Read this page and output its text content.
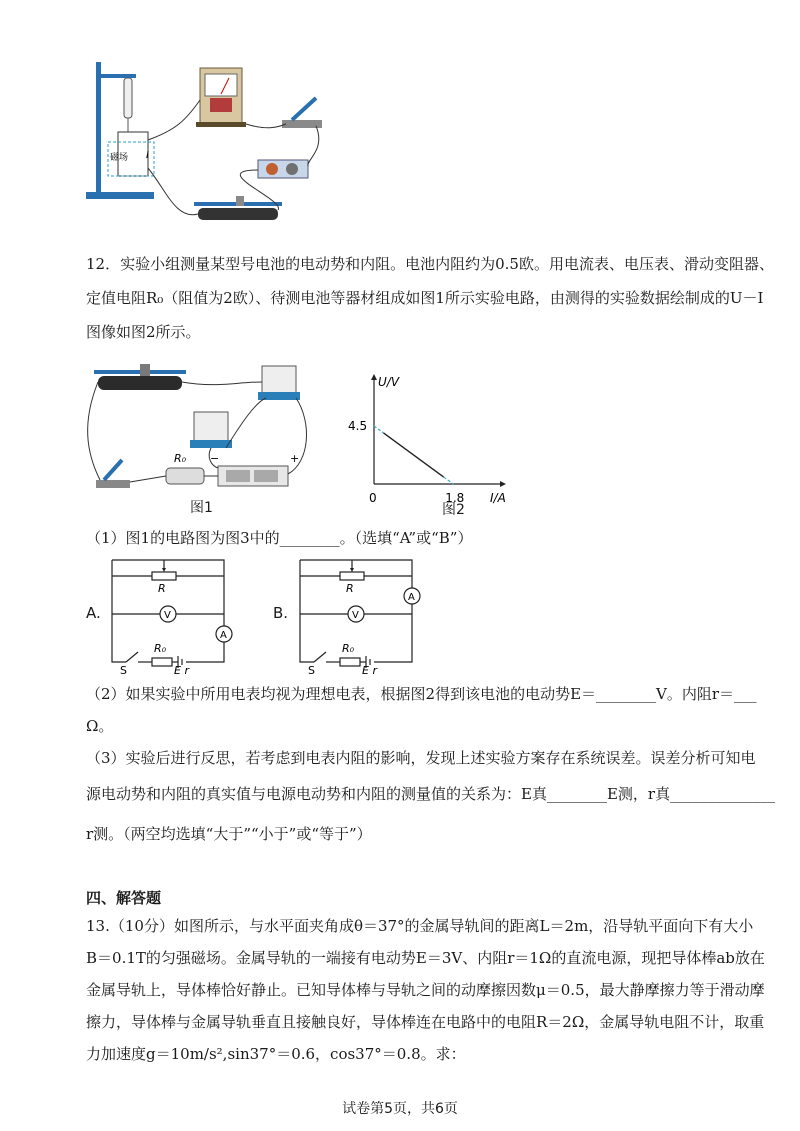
磁场 I
12．实验小组测量某型号电池的电动势和内阻。电池内阻约为0.5欧。用电流表、电压表、滑动变阻器、
定值电阻R₀（阻值为2欧）、待测电池等器材组成如图1所示实验电路，由测得的实验数据绘制成的U－I
图像如图2所示。
R₀ −	+
图1
I/A
U/V
0	1.8
4.5
图2
（1）图1的电路图为图3中的________。（选填“A”或“B”）
A.
R
V
A
R₀
S	E r
B.
R
V
A
R₀
S	E r
（2）如果实验中所用电表均视为理想电表，根据图2得到该电池的电动势E＝________V。内阻r＝___
Ω。
（3）实验后进行反思，若考虑到电表内阻的影响，发现上述实验方案存在系统误差。误差分析可知电
源电动势和内阻的真实值与电源电动势和内阻的测量值的关系为：E真________E测，r真______________
r测。（两空均选填“大于”“小于”或“等于”）
四、解答题
13.（10分）如图所示，与水平面夹角成θ＝37°的金属导轨间的距离L＝2m，沿导轨平面向下有大小
B＝0.1T的匀强磁场。金属导轨的一端接有电动势E＝3V、内阻r＝1Ω的直流电源，现把导体棒ab放在
金属导轨上，导体棒恰好静止。已知导体棒与导轨之间的动摩擦因数μ＝0.5，最大静摩擦力等于滑动摩
擦力，导体棒与金属导轨垂直且接触良好，导体棒连在电路中的电阻R＝2Ω，金属导轨电阻不计，取重
力加速度g＝10m/s²,sin37°＝0.6，cos37°＝0.8。求：
试卷第5页，共6页
